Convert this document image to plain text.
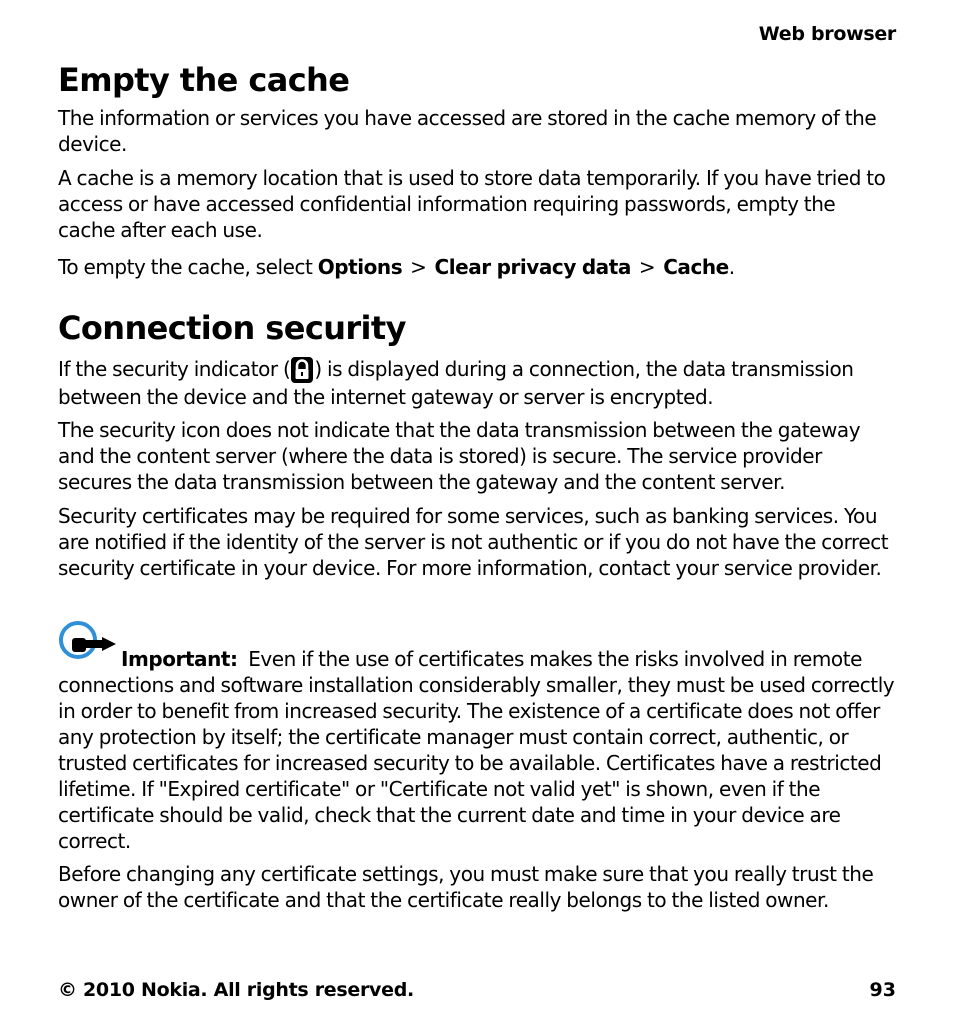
Web browser
Empty the cache

The information or services you have accessed are stored in the cache memory of the device.

A cache is a memory location that is used to store data temporarily. If you have tried to access or have accessed confidential information requiring passwords, empty the cache after each use.

To empty the cache, select Options > Clear privacy data > Cache.

Connection security

If the security indicator ( ) is displayed during a connection, the data transmission between the device and the internet gateway or server is encrypted.

The security icon does not indicate that the data transmission between the gateway and the content server (where the data is stored) is secure. The service provider secures the data transmission between the gateway and the content server.

Security certificates may be required for some services, such as banking services. You are notified if the identity of the server is not authentic or if you do not have the correct security certificate in your device. For more information, contact your service provider.

Important: Even if the use of certificates makes the risks involved in remote

connections and software installation considerably smaller, they must be used correctly in order to benefit from increased security. The existence of a certificate does not offer any protection by itself; the certificate manager must contain correct, authentic, or trusted certificates for increased security to be available. Certificates have a restricted lifetime. If "Expired certificate" or "Certificate not valid yet" is shown, even if the certificate should be valid, check that the current date and time in your device are correct.

Before changing any certificate settings, you must make sure that you really trust the owner of the certificate and that the certificate really belongs to the listed owner.

© 2010 Nokia. All rights reserved.	93
